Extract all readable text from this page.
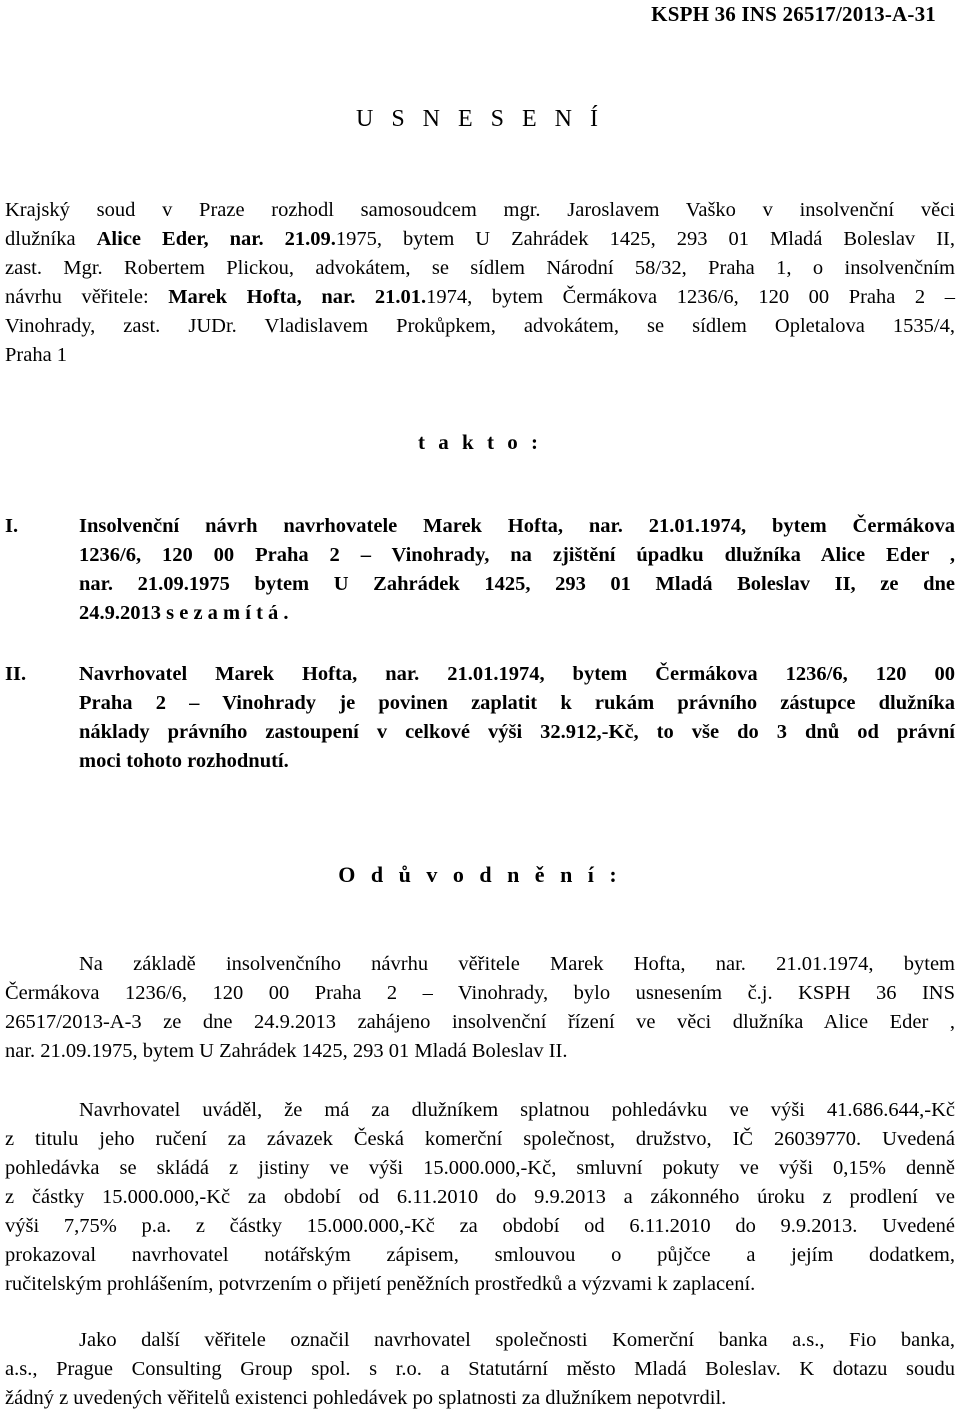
KSPH 36 INS 26517/2013-A-31
U S N E S E N Í
Krajský soud v Praze rozhodl samosoudcem mgr. Jaroslavem Vaško v insolvenční věci
dlužníka Alice Eder, nar. 21.09.1975, bytem U Zahrádek 1425, 293 01 Mladá Boleslav II,
zast. Mgr. Robertem Plickou, advokátem, se sídlem Národní 58/32, Praha 1, o insolvenčním
návrhu věřitele: Marek Hofta, nar. 21.01.1974, bytem Čermákova 1236/6, 120 00 Praha 2 –
Vinohrady, zast. JUDr. Vladislavem Prokůpkem, advokátem, se sídlem Opletalova 1535/4,
Praha 1
t a k t o :
I.	Insolvenční návrh navrhovatele Marek Hofta, nar. 21.01.1974, bytem Čermákova
1236/6, 120 00 Praha 2 – Vinohrady, na zjištění úpadku dlužníka Alice Eder ,
nar. 21.09.1975 bytem U Zahrádek 1425, 293 01 Mladá Boleslav II, ze dne
24.9.2013 s e z a m í t á .
II.	Navrhovatel Marek Hofta, nar. 21.01.1974, bytem Čermákova 1236/6, 120 00
Praha 2 – Vinohrady je povinen zaplatit k rukám právního zástupce dlužníka
náklady právního zastoupení v celkové výši 32.912,-Kč, to vše do 3 dnů od právní
moci tohoto rozhodnutí.
O d ů v o d n ě n í :
Na základě insolvenčního návrhu věřitele Marek Hofta, nar. 21.01.1974, bytem
Čermákova 1236/6, 120 00 Praha 2 – Vinohrady, bylo usnesením č.j. KSPH 36 INS
26517/2013-A-3 ze dne 24.9.2013 zahájeno insolvenční řízení ve věci dlužníka Alice Eder ,
nar. 21.09.1975, bytem U Zahrádek 1425, 293 01 Mladá Boleslav II.
Navrhovatel uváděl, že má za dlužníkem splatnou pohledávku ve výši 41.686.644,-Kč
z titulu jeho ručení za závazek Česká komerční společnost, družstvo, IČ 26039770. Uvedená
pohledávka se skládá z jistiny ve výši 15.000.000,-Kč, smluvní pokuty ve výši 0,15% denně
z částky 15.000.000,-Kč za období od 6.11.2010 do 9.9.2013 a zákonného úroku z prodlení ve
výši 7,75% p.a. z částky 15.000.000,-Kč za období od 6.11.2010 do 9.9.2013. Uvedené
prokazoval navrhovatel notářským zápisem, smlouvou o půjčce a jejím dodatkem,
ručitelským prohlášením, potvrzením o přijetí peněžních prostředků a výzvami k zaplacení.
Jako další věřitele označil navrhovatel společnosti Komerční banka a.s., Fio banka,
a.s., Prague Consulting Group spol. s r.o. a Statutární město Mladá Boleslav. K dotazu soudu
žádný z uvedených věřitelů existenci pohledávek po splatnosti za dlužníkem nepotvrdil.
